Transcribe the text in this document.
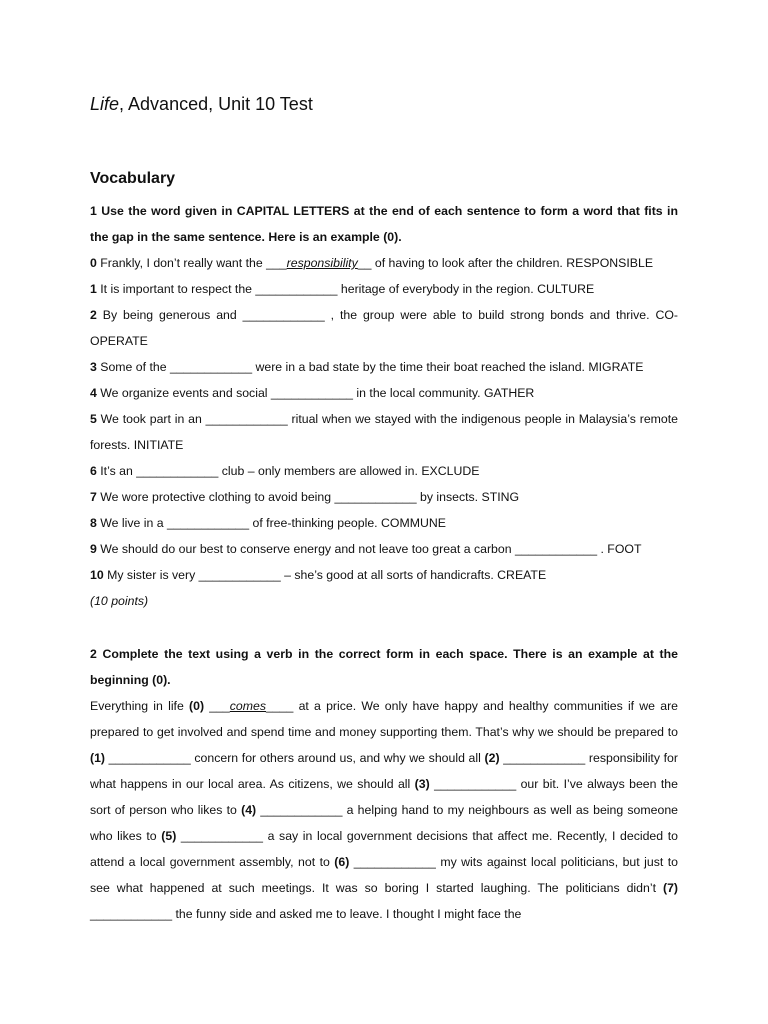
Life, Advanced, Unit 10 Test
Vocabulary

1 Use the word given in CAPITAL LETTERS at the end of each sentence to form a word that fits in the gap in the same sentence. Here is an example (0).

0 Frankly, I don’t really want the ___responsibility__ of having to look after the children. RESPONSIBLE

1 It is important to respect the ____________ heritage of everybody in the region. CULTURE

2 By being generous and ____________ , the group were able to build strong bonds and thrive. CO-OPERATE

3 Some of the ____________ were in a bad state by the time their boat reached the island. MIGRATE

4 We organize events and social ____________ in the local community. GATHER

5 We took part in an ____________ ritual when we stayed with the indigenous people in Malaysia’s remote forests. INITIATE

6 It’s an ____________ club – only members are allowed in. EXCLUDE

7 We wore protective clothing to avoid being ____________ by insects. STING

8 We live in a ____________ of free-thinking people. COMMUNE

9 We should do our best to conserve energy and not leave too great a carbon ____________ . FOOT

10 My sister is very ____________ – she’s good at all sorts of handicrafts. CREATE

(10 points)

2 Complete the text using a verb in the correct form in each space. There is an example at the beginning (0).

Everything in life (0) ___comes____ at a price. We only have happy and healthy communities if we are prepared to get involved and spend time and money supporting them. That’s why we should be prepared to (1) ____________ concern for others around us, and why we should all (2) ____________ responsibility for what happens in our local area. As citizens, we should all (3) ____________ our bit. I’ve always been the sort of person who likes to (4) ____________ a helping hand to my neighbours as well as being someone who likes to (5) ____________ a say in local government decisions that affect me. Recently, I decided to attend a local government assembly, not to (6) ____________ my wits against local politicians, but just to see what happened at such meetings. It was so boring I started laughing. The politicians didn’t (7) ____________ the funny side and asked me to leave. I thought I might face the
